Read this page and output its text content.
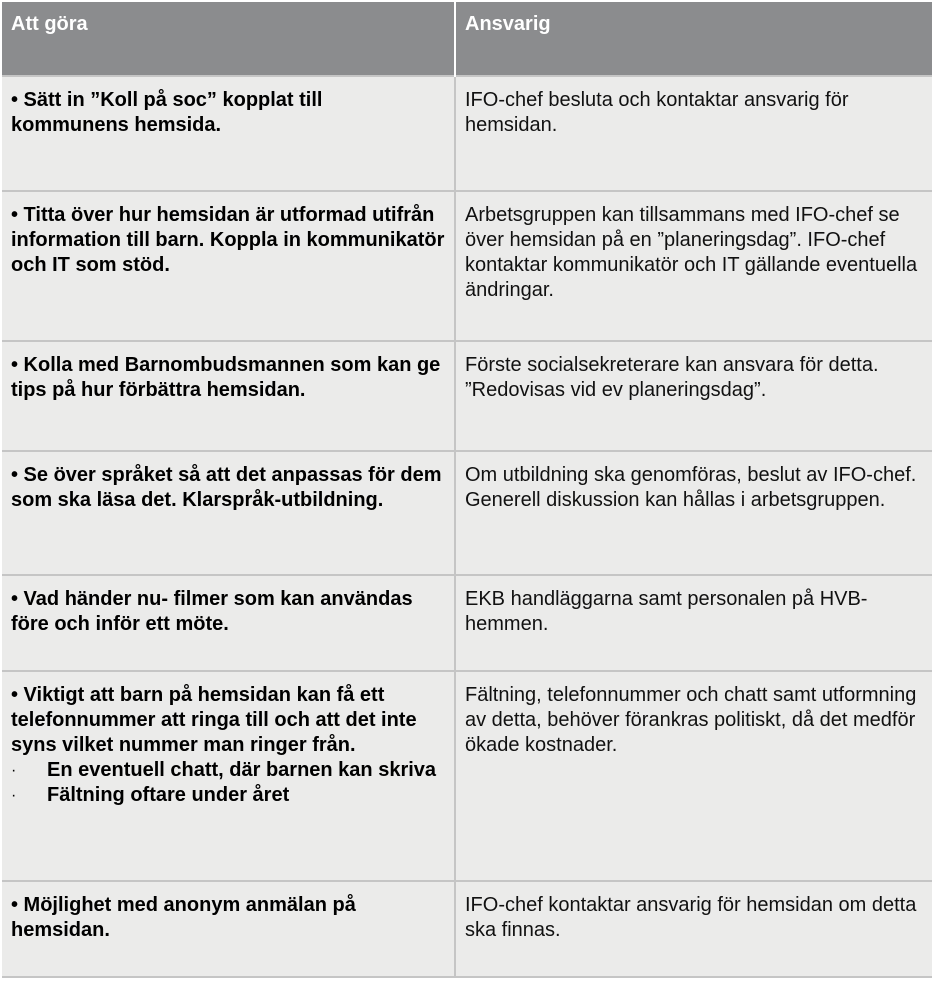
Att göra	Ansvarig
• Sätt in ”Koll på soc” kopplat till kommunens hemsida.	IFO-chef besluta och kontaktar ansvarig för hemsidan.
• Titta över hur hemsidan är utformad utifrån information till barn. Koppla in kommunikatör och IT som stöd.	Arbetsgruppen kan tillsammans med IFO-chef se över hemsidan på en ”planeringsdag”. IFO-chef kontaktar kommunikatör och IT gällande eventuella ändringar.
• Kolla med Barnombudsmannen som kan ge tips på hur förbättra hemsidan.	Förste socialsekreterare kan ansvara för detta. ”Redovisas vid ev planeringsdag”.
• Se över språket så att det anpassas för dem som ska läsa det. Klarspråk-utbildning.	Om utbildning ska genomföras, beslut av IFO-chef. Generell diskussion kan hållas i arbetsgruppen.
• Vad händer nu- filmer som kan användas före och inför ett möte.	EKB handläggarna samt personalen på HVB-hemmen.

• Viktigt att barn på hemsidan kan få ett telefonnummer att ringa till och att det inte syns vilket nummer man ringer från.
· En eventuell chatt, där barnen kan skriva
· Fältning oftare under året	Fältning, telefonnummer och chatt samt utformning av detta, behöver förankras politiskt, då det medför ökade kostnader.
• Möjlighet med anonym anmälan på hemsidan.	IFO-chef kontaktar ansvarig för hemsidan om detta ska finnas.
